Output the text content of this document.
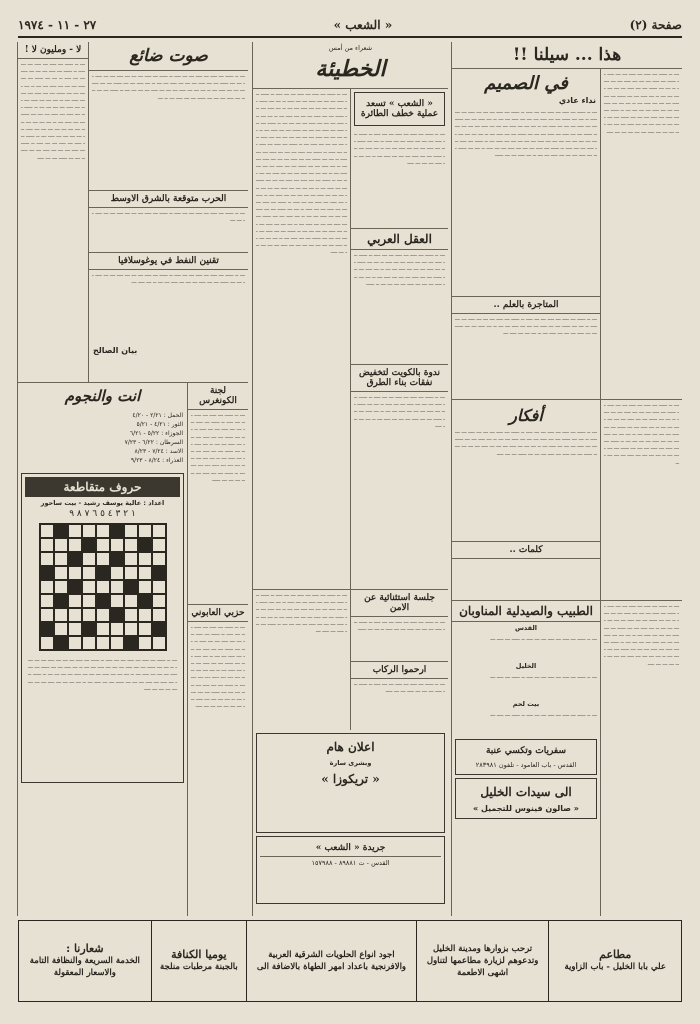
صفحة (٢)
« الشعب »
٢٧ - ١١ - ١٩٧٤
هذا ... سيلنا !!
ـــ ــ ـــــ ـــ ــــ ـــ ــــ ـــ ـــ ــــ ــ ـــــ ـــ ــــ ـــ ـــ ـــ ــــ ـــ ـــ ــــ ــ ـــ ـــ ـــــ ـــ ـــ ــــ ـــ ـــ ـــ ــــ ـــ ـــ ــ ـــ ــــ ـــ ـــ ـــــ ـــ ـــ ــــ ـــ ـــ ـــ ــــ ـــ ــ ـــ ـــ ـــ ــــ ـــ ـــ ـــ ــــ ـــ ـــ ـــ ـــ ــ ـــــ ـــ ـــ ــــ ـــ ــــ ـــ ـــ ـــ ـــــ ـــ ـــ ــــ ـــ ــ ـــ ـــ ـــ ـــ ــــ ـــ ـــ ـــ ـــ ـــ ـــ ـــ ــــ ـــ ـــ ـــ ـــ ـــ ــــ
في الصميم
نداء عادي
ـــ ــ ـــــ ـــ ــــ ـــ ــــ ـــ ـــ ــــ ــ ـــــ ـــ ــــ ـــ ـــ ـــ ــــ ـــ ـــ ــــ ــ ـــ ـــ ـــــ ـــ ـــ ــــ ـــ ـــ ـــ ــــ ـــ ـــ ــ ـــ ــــ ـــ ـــ ـــــ ـــ ـــ ــــ ـــ ـــ ـــ ــــ ـــ ــ ـــ ـــ ـــ ــــ ـــ ـــ ـــ ــــ ـــ ـــ ـــ ـــ ــ ـــــ ـــ ـــ ــــ ـــ ــــ ـــ ـــ ـــ ـــــ ـــ ـــ ــــ ـــ ــ ـــ ـــ ـــ ـــ ــــ ـــ ـــ ـــ ـــ ـــ ـــ ـــ ــــ ـــ ـــ ـــ ـــ ـــ ــــ ـــ ــ ـــــ ـــ ــــ ـــ ــــ ـــ ـــ ــــ ــ ـــــ ـــ ــــ ـــ ـــ ـــ ــــ ـــ ـــ ــــ ــ ـــ ـــ ـــــ ـــ ـــ ــــ ـــ ـــ ـــ ــــ ـــ ـــ ــ ـــ ــــ ـــ ـــ ـــــ
المتاجرة بالعلم ..
ـــ ــ ـــــ ـــ ــــ ـــ ــــ ـــ ـــ ــــ ــ ـــــ ـــ ــــ ـــ ـــ ـــ ــــ ـــ ـــ ــــ ــ ـــ ـــ ـــــ ـــ ـــ ــــ ـــ ـــ ـــ ــــ ـــ ـــ ــ ـــ ــــ ـــ ـــ ـــــ ـــ ـــ ــــ ـــ ـــ ـــ ــــ ـــ ــ ـــ ـــ ـــ ــــ ـــ
ـــ ــ ـــــ ـــ ــــ ـــ ــــ ـــ ـــ ــــ ــ ـــــ ـــ ــــ ـــ ـــ ـــ ــــ ـــ ـــ ــــ ــ ـــ ـــ ـــــ ـــ ـــ ــــ ـــ ـــ ـــ ــــ ـــ ـــ ــ ـــ ــــ ـــ ـــ ـــــ ـــ ـــ ــــ ـــ ـــ ـــ ــــ ـــ ــ ـــ ـــ ـــ ــــ ـــ ـــ ـــ ــــ ـــ ـــ ـــ ـــ ــ ـــــ ـــ ـــ ــــ ـــ ــــ ـــ ـــ ـــ ـــــ ـــ ـــ ــــ ـــ ــ ـــ ـــ ـــ ـــ ــــ ـــ ـــ ـــ ـــ
أفكار
ـــ ــ ـــــ ـــ ــــ ـــ ــــ ـــ ـــ ــــ ــ ـــــ ـــ ــــ ـــ ـــ ـــ ــــ ـــ ـــ ــــ ــ ـــ ـــ ـــــ ـــ ـــ ــــ ـــ ـــ ـــ ــــ ـــ ـــ ــ ـــ ــــ ـــ ـــ ـــــ ـــ ـــ ــــ ـــ ـــ ـــ ــــ ـــ ــ ـــ ـــ ـــ ــــ ـــ ـــ ـــ ــــ ـــ ـــ ـــ ـــ ــ ـــــ ـــ ـــ ــــ ـــ ــــ ـــ ـــ ـــ ـــــ ـــ ـــ ــــ
كلمات ..
ـــ ــ ـــــ ـــ ــــ ـــ ــــ ـــ ـــ ــــ ــ ـــــ ـــ ــــ ـــ ـــ ـــ ــــ ـــ ـــ ــــ ــ ـــ ـــ ـــــ ـــ ـــ ــــ ـــ ـــ ـــ ــــ ـــ ـــ ــ ـــ ــــ ـــ ـــ ـــــ ـــ ـــ ــــ ـــ ـــ ـــ ــــ ـــ ــ ـــ ـــ ـــ ــــ ـــ ـــ ـــ ــــ ـــ ـــ ـــ ـــ ــ ـــــ ـــ ـــ ــــ ـــ ــــ ـــ ـــ ـــ ـــــ ـــ ـــ ــــ ـــ ــ ـــ ـــ ـــ ـــ ــــ ـــ ـــ ـــ ـــ ـــ ـــ ـــ ــــ
الطبيب والصيدلية المناوبان
القدس
ـــ ــ ـــــ ـــ ــــ ـــ ــــ ـــ ـــ ــــ ــ ـــــ ـــ ــــ ـــ
الخليل
ـــ ــ ـــــ ـــ ــــ ـــ ــــ ـــ ـــ ــــ ــ ـــــ ـــ ــــ ـــ
بيت لحم
ـــ ــ ـــــ ـــ ــــ ـــ ــــ ـــ ـــ ــــ ــ ـــــ ـــ ــــ ـــ
سفريات وتكسي عنبة
القدس - باب العامود - تلفون ٢٨٣٩٨١
الى سيدات الخليل
« صالون فينوس للتجميل »
شعراء من أمس
الخطيئة
« الشعب » تسعد عملية خطف الطائرة
ـــ ــ ـــــ ـــ ــــ ـــ ــــ ـــ ـــ ــــ ــ ـــــ ـــ ــــ ـــ ـــ ـــ ــــ ـــ ـــ ــــ ــ ـــ ـــ ـــــ ـــ ـــ ــــ ـــ ـــ ـــ ــــ ـــ ـــ ــ ـــ ــــ ـــ ـــ ـــــ ـــ ـــ ــــ ـــ ـــ ـــ ــــ ـــ ــ ـــ ـــ ـــ ــــ ـــ ـــ ـــ ــــ
العقل العربي
ـــ ــ ـــــ ـــ ــــ ـــ ــــ ـــ ـــ ــــ ــ ـــــ ـــ ــــ ـــ ـــ ـــ ــــ ـــ ـــ ــــ ــ ـــ ـــ ـــــ ـــ ـــ ــــ ـــ ـــ ـــ ــــ ـــ ـــ ــ ـــ ــــ ـــ ـــ ـــــ ـــ ـــ ــــ ـــ ـــ ـــ ــــ ـــ ــ ـــ ـــ ـــ ــــ ـــ ـــ ـــ ــــ ـــ ـــ ـــ ـــ ــ ـــــ
ندوة بالكويت لتخفيض نفقات بناء الطرق
ـــ ــ ـــــ ـــ ــــ ـــ ــــ ـــ ـــ ــــ ــ ـــــ ـــ ــــ ـــ ـــ ـــ ــــ ـــ ـــ ــــ ــ ـــ ـــ ـــــ ـــ ـــ ــــ ـــ ـــ ـــ ــــ ـــ ـــ ــ ـــ ــــ ـــ ـــ ـــــ ـــ ـــ ــــ ـــ ـــ ـــ ــــ ـــ ــ ـــ ـــ ـــ ــــ
ـــ ــ ـــــ ـــ ــــ ـــ ــــ ـــ ـــ ــــ ــ ـــــ ـــ ــــ ـــ ـــ ـــ ــــ ـــ ـــ ــــ ــ ـــ ـــ ـــــ ـــ ـــ ــــ ـــ ـــ ـــ ــــ ـــ ـــ ــ ـــ ــــ ـــ ـــ ـــــ ـــ ـــ ــــ ـــ ـــ ـــ ــــ ـــ ــ ـــ ـــ ـــ ــــ ـــ ـــ ـــ ــــ ـــ ـــ ـــ ـــ ــ ـــــ ـــ ـــ ــــ ـــ ــــ ـــ ـــ ـــ ـــــ ـــ ـــ ــــ ـــ ــ ـــ ـــ ـــ ـــ ــــ ـــ ـــ ـــ ـــ ـــ ـــ ـــ ــــ ـــ ـــ ـــ ـــ ـــ ــــ ـــ ــ ـــــ ـــ ــــ ـــ ــــ ـــ ـــ ــــ ــ ـــــ ـــ ــــ ـــ ـــ ـــ ــــ ـــ ـــ ــــ ــ ـــ ـــ ـــــ ـــ ـــ ــــ ـــ ـــ ـــ ــــ ـــ ـــ ــ ـــ ــــ ـــ ـــ ـــــ ـــ ـــ ــــ ـــ ـــ ـــ ــــ ـــ ــ ـــ ـــ ـــ ــــ ـــ ـــ ـــ ــــ ـــ ـــ ـــ ـــ ــ ـــــ ـــ ـــ ــــ ـــ ــــ ـــ ـــ ـــ ـــــ ـــ ـــ ــــ ـــ ــ ـــ ـــ ـــ ـــ ــــ ـــ ـــ ـــ ـــ ـــ ـــ ـــ ــــ ـــ ـــ ـــ ـــ ـــ ــــ ـــ ــ ـــــ ـــ ــــ ـــ ــــ ـــ ـــ ــــ ــ ـــــ ـــ ــــ ـــ ـــ ـــ ــــ ـــ ـــ ــــ ــ ـــ ـــ ـــــ ـــ ـــ ــــ ـــ ـــ ـــ ــــ ـــ ـــ ــ ـــ ــــ ـــ ـــ ـــــ ـــ ـــ ــــ ـــ ـــ ـــ ــــ ـــ ــ ـــ ـــ ـــ ــــ ـــ ـــ ـــ ــــ ـــ ـــ ـــ ـــ ــ ـــــ ـــ ـــ ــــ ـــ ــــ ـــ ـــ ـــ ـــــ ـــ ـــ ــــ ـــ ــ ـــ ـــ ـــ ـــ ــــ ـــ ـــ ـــ ـــ ـــ ـــ ـــ ــــ ـــ ـــ ـــ ـــ ـــ ــــ
جلسة استثنائية عن الامن
ـــ ــ ـــــ ـــ ــــ ـــ ــــ ـــ ـــ ــــ ــ ـــــ ـــ ــــ ـــ ـــ ـــ ــــ ـــ ـــ ــــ ــ ـــ ـــ ـــــ
ارحموا الركاب
ـــ ــ ـــــ ـــ ــــ ـــ ــــ ـــ ـــ ــــ ــ ـــــ ـــ ــــ ـــ ـــ ـــ ــــ ـــ ـــ ــــ
ـــ ــ ـــــ ـــ ــــ ـــ ــــ ـــ ـــ ــــ ــ ـــــ ـــ ــــ ـــ ـــ ـــ ــــ ـــ ـــ ــــ ــ ـــ ـــ ـــــ ـــ ـــ ــــ ـــ ـــ ـــ ــــ ـــ ـــ ــ ـــ ــــ ـــ ـــ ـــــ ـــ ـــ ــــ ـــ ـــ ـــ ــــ ـــ ــ ـــ ـــ ـــ ــــ ـــ ـــ ـــ ــــ ـــ ـــ ـــ ـــ ــ ـــــ ـــ ـــ ــــ ـــ ــــ ـــ
اعلان هام
وبشرى سارة
« تريكوزا »
جريدة « الشعب »
القدس - ت ٨٩٨٨١ - ١٥٧٩٨٨
صوت ضائع
ـــ ــ ـــــ ـــ ــــ ـــ ــــ ـــ ـــ ــــ ــ ـــــ ـــ ــــ ـــ ـــ ـــ ــــ ـــ ـــ ــــ ــ ـــ ـــ ـــــ ـــ ـــ ــــ ـــ ـــ ـــ ــــ ـــ ـــ ــ ـــ ــــ ـــ ـــ ـــــ ـــ ـــ ــــ ـــ ـــ ـــ ــــ ـــ ــ ـــ ـــ ـــ ــــ ـــ ـــ ـــ ــــ ـــ ـــ ـــ ـــ ــ ـــــ ـــ ـــ ــــ ـــ ــــ ـــ ـــ ـــ ـــــ ـــ ـــ ــــ ـــ ــ ـــ
الحرب متوقعة بالشرق الاوسط
ـــ ــ ـــــ ـــ ــــ ـــ ــــ ـــ ـــ ــــ ــ ـــــ ـــ ــــ ـــ ـــ ـــ ــــ ـــ ـــ ــــ ــ ـــ ـــ
تقنين النفط في يوغوسلافيا
ـــ ــ ـــــ ـــ ــــ ـــ ــــ ـــ ـــ ــــ ــ ـــــ ـــ ــــ ـــ ـــ ـــ ــــ ـــ ـــ ــــ ــ ـــ ـــ ـــــ ـــ ـــ ــــ ـــ ـــ ـــ ــــ ـــ ـــ ــ ـــ ــــ ـــ
بيان الصالح
لا - ومليون لا !
ـــ ــ ـــــ ـــ ــــ ـــ ــــ ـــ ـــ ــــ ــ ـــــ ـــ ــــ ـــ ـــ ـــ ــــ ـــ ـــ ــــ ــ ـــ ـــ ـــــ ـــ ـــ ــــ ـــ ـــ ـــ ــــ ـــ ـــ ــ ـــ ــــ ـــ ـــ ـــــ ـــ ـــ ــــ ـــ ـــ ـــ ــــ ـــ ــ ـــ ـــ ـــ ــــ ـــ ـــ ـــ ــــ ـــ ـــ ـــ ـــ ــ ـــــ ـــ ـــ ــــ ـــ ــــ ـــ ـــ ـــ ـــــ ـــ ـــ ــــ ـــ ــ ـــ ـــ ـــ ـــ ــــ ـــ ـــ ـــ ـــ ـــ ـــ ـــ ــــ ـــ ـــ ـــ ـــ ـــ ــــ ـــ ــ ـــــ ـــ ــــ ـــ ــــ ـــ ـــ ــــ ــ ـــــ ـــ ــــ ـــ ـــ ـــ ــــ ـــ ـــ ــــ ــ ـــ ـــ ـــــ ـــ ـــ ــــ
لجنة الكونغرس
ـــ ــ ـــــ ـــ ــــ ـــ ــــ ـــ ـــ ــــ ــ ـــــ ـــ ــــ ـــ ـــ ـــ ــــ ـــ ـــ ــــ ــ ـــ ـــ ـــــ ـــ ـــ ــــ ـــ ـــ ـــ ــــ ـــ ـــ ــ ـــ ــــ ـــ ـــ ـــــ ـــ ـــ ــــ ـــ ـــ ـــ ــــ ـــ ــ ـــ ـــ ـــ ــــ ـــ ـــ ـــ ــــ ـــ ـــ ـــ ـــ ــ ـــــ ـــ ـــ ــــ ـــ ــــ ـــ ـــ ـــ ـــــ
حزبي العابوني
ـــ ــ ـــــ ـــ ــــ ـــ ــــ ـــ ـــ ــــ ــ ـــــ ـــ ــــ ـــ ـــ ـــ ــــ ـــ ـــ ــــ ــ ـــ ـــ ـــــ ـــ ـــ ــــ ـــ ـــ ـــ ــــ ـــ ـــ ــ ـــ ــــ ـــ ـــ ـــــ ـــ ـــ ــــ ـــ ـــ ـــ ــــ ـــ ــ ـــ ـــ ـــ ــــ ـــ ـــ ـــ ــــ ـــ ـــ ـــ ـــ ــ ـــــ ـــ ـــ ــــ ـــ ــــ ـــ ـــ ـــ ـــــ ـــ ـــ ــــ ـــ ــ ـــ ـــ ـــ ـــ ــــ ـــ ـــ ـــ ـــ ـــ ـــ ـــ ــــ
انت والنجوم
الحمل : ٢/٢١ - ٤/٢٠
الثور : ٤/٢١ - ٥/٢١
الجوزاء : ٥/٢٢ - ٦/٢١
السرطان : ٦/٢٢ - ٧/٢٣
الاسد : ٧/٢٤ - ٨/٢٣
العذراء : ٨/٢٤ - ٩/٢٣
حروف متقاطعة
اعداد : عالية يوسف رشيد - بيت ساحور
١ ٢ ٣ ٤ ٥ ٦ ٧ ٨ ٩
ـــ ــ ـــــ ـــ ــــ ـــ ــــ ـــ ـــ ــــ ــ ـــــ ـــ ــــ ـــ ـــ ـــ ــــ ـــ ـــ ــــ ــ ـــ ـــ ـــــ ـــ ـــ ــــ ـــ ـــ ـــ ــــ ـــ ـــ ــ ـــ ــــ ـــ ـــ ـــــ ـــ ـــ ــــ ـــ ـــ ـــ ــــ ـــ ــ ـــ ـــ ـــ ــــ ـــ ـــ ـــ ــــ ـــ ـــ ـــ ـــ ــ ـــــ ـــ ـــ ــــ ـــ ــــ ـــ ـــ ـــ ـــــ ـــ ـــ ــــ ـــ ــ ـــ ـــ ـــ ـــ ــــ ـــ ـــ ـــ ـــ ـــ ـــ ـــ ــــ
مطاعم
علي بابا الخليل - باب الزاوية
ترحب بزوارها ومدينة الخليل وتدعوهم لزيارة مطاعمها لتناول اشهى الاطعمة
اجود انواع الحلويات الشرقية العربية والافرنجية باعداد امهر الطهاة بالاضافة الى
يوميا الكنافة
بالجبنة مرطبات منلجة
شعارنا :
الخدمة السريعة والنظافة التامة والاسعار المعقولة
